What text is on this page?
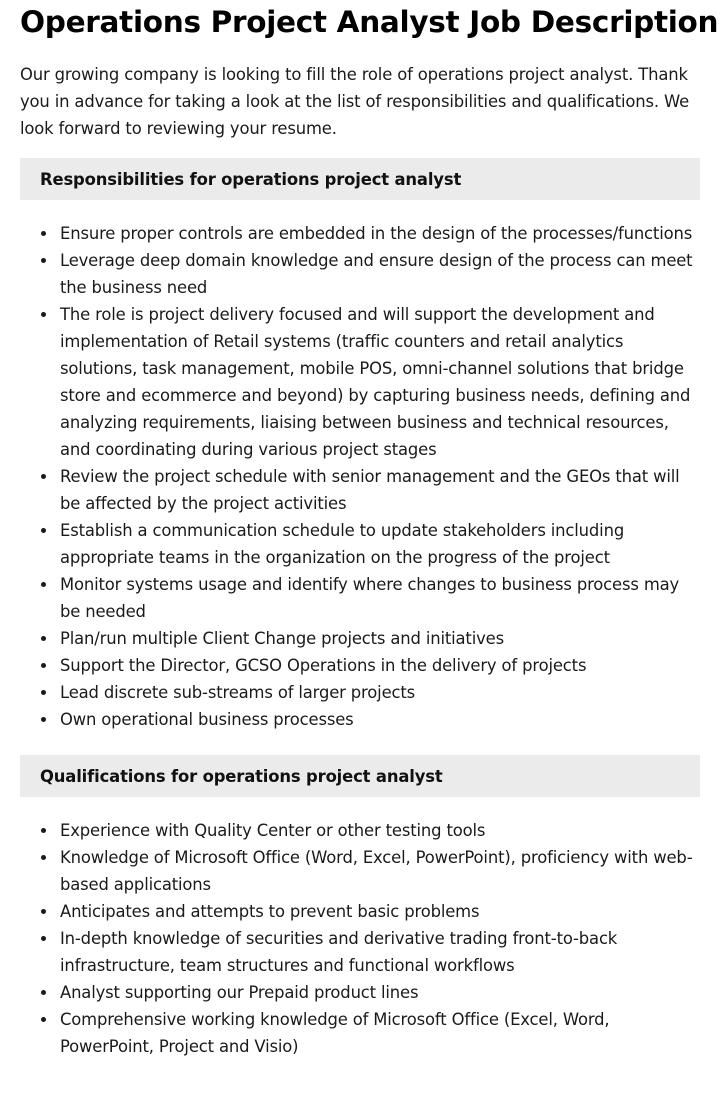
Operations Project Analyst Job Description

Our growing company is looking to fill the role of operations project analyst. Thank you in advance for taking a look at the list of responsibilities and qualifications. We look forward to reviewing your resume.

Responsibilities for operations project analyst
Ensure proper controls are embedded in the design of the processes/functions
Leverage deep domain knowledge and ensure design of the process can meet the business need
The role is project delivery focused and will support the development and implementation of Retail systems (traffic counters and retail analytics solutions, task management, mobile POS, omni-channel solutions that bridge store and ecommerce and beyond) by capturing business needs, defining and analyzing requirements, liaising between business and technical resources, and coordinating during various project stages
Review the project schedule with senior management and the GEOs that will be affected by the project activities
Establish a communication schedule to update stakeholders including appropriate teams in the organization on the progress of the project
Monitor systems usage and identify where changes to business process may be needed
Plan/run multiple Client Change projects and initiatives
Support the Director, GCSO Operations in the delivery of projects
Lead discrete sub-streams of larger projects
Own operational business processes
Qualifications for operations project analyst
Experience with Quality Center or other testing tools
Knowledge of Microsoft Office (Word, Excel, PowerPoint), proficiency with web-based applications
Anticipates and attempts to prevent basic problems
In-depth knowledge of securities and derivative trading front-to-back infrastructure, team structures and functional workflows
Analyst supporting our Prepaid product lines
Comprehensive working knowledge of Microsoft Office (Excel, Word, PowerPoint, Project and Visio)
